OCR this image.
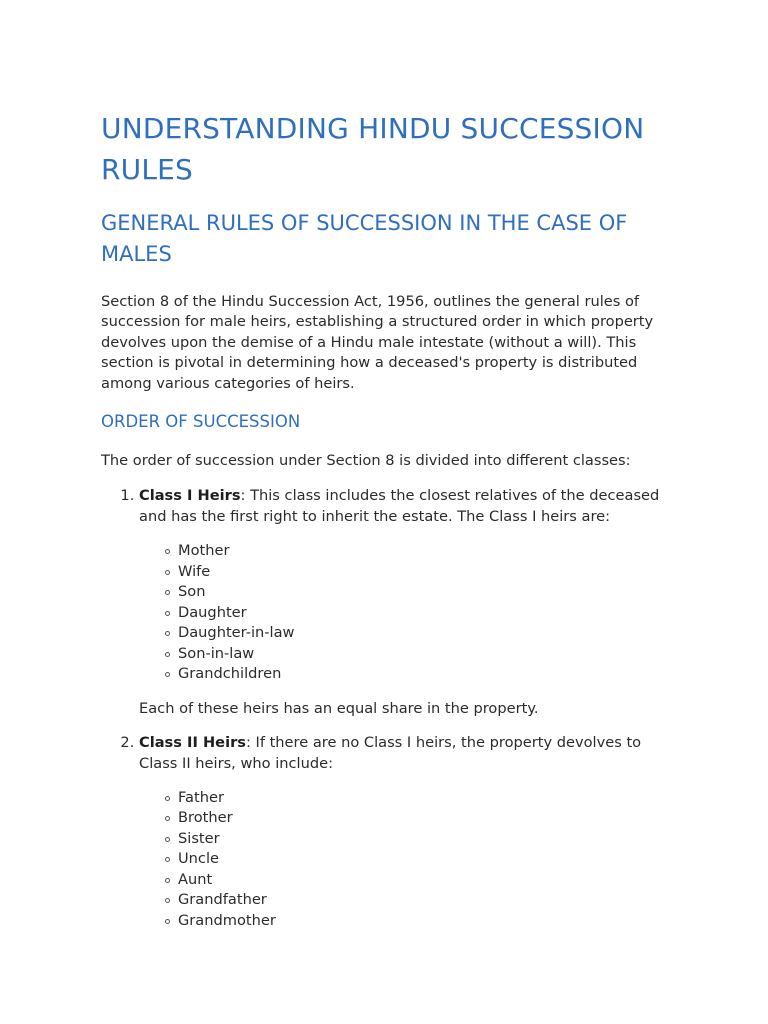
UNDERSTANDING HINDU SUCCESSION RULES
GENERAL RULES OF SUCCESSION IN THE CASE OF MALES

Section 8 of the Hindu Succession Act, 1956, outlines the general rules of succession for male heirs, establishing a structured order in which property devolves upon the demise of a Hindu male intestate (without a will). This section is pivotal in determining how a deceased's property is distributed among various categories of heirs.

ORDER OF SUCCESSION

The order of succession under Section 8 is divided into different classes:

1. Class I Heirs: This class includes the closest relatives of the deceased and has the first right to inherit the estate. The Class I heirs are:
Mother
Wife
Son
Daughter
Daughter-in-law
Son-in-law
Grandchildren

Each of these heirs has an equal share in the property.

2. Class II Heirs: If there are no Class I heirs, the property devolves to Class II heirs, who include:
Father
Brother
Sister
Uncle
Aunt
Grandfather
Grandmother
